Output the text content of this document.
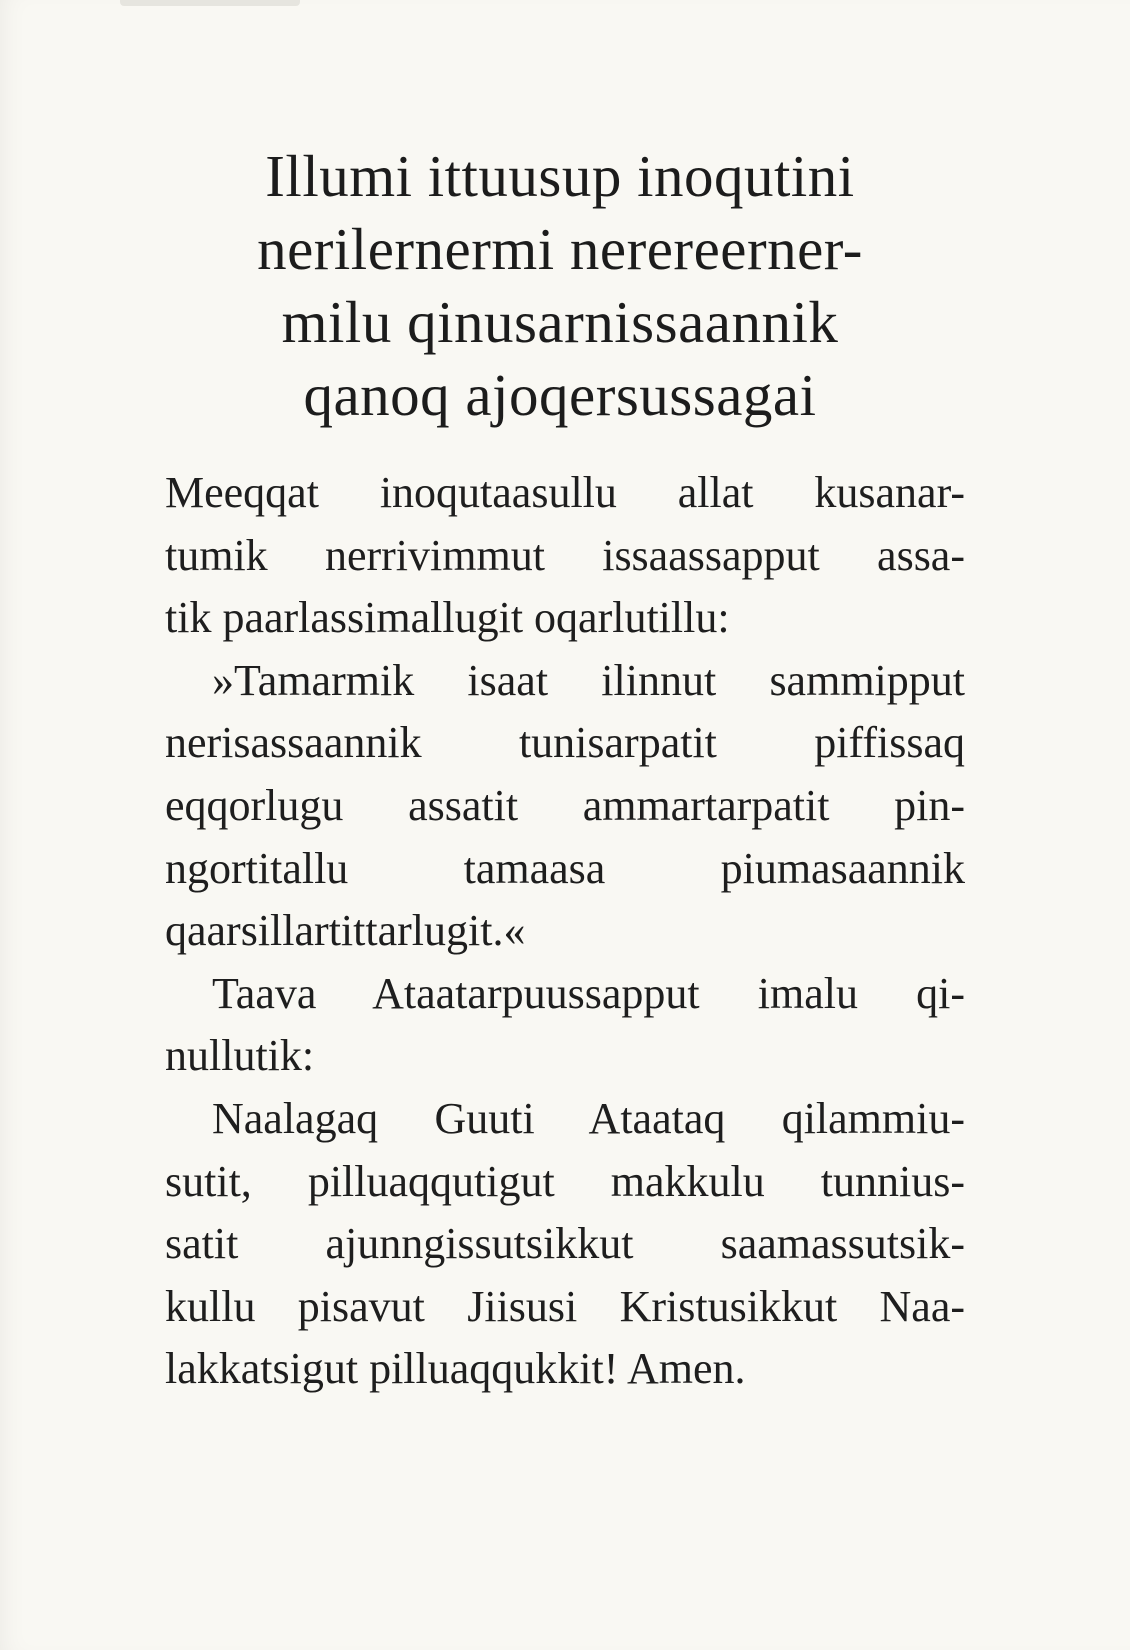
Illumi ittuusup inoqutini
nerilernermi nerereerner-
milu qinusarnissaannik
qanoq ajoqersussagai
Meeqqat inoqutaasullu allat kusanar-
tumik nerrivimmut issaassapput assa-
tik paarlassimallugit oqarlutillu:
»Tamarmik isaat ilinnut sammipput
nerisassaannik tunisarpatit piffissaq
eqqorlugu assatit ammartarpatit pin-
ngortitallu tamaasa piumasaannik
qaarsillartittarlugit.«
Taava Ataatarpuussapput imalu qi-
nullutik:
Naalagaq Guuti Ataataq qilammiu-
sutit, pilluaqqutigut makkulu tunnius-
satit ajunngissutsikkut saamassutsik-
kullu pisavut Jiisusi Kristusikkut Naa-
lakkatsigut pilluaqqukkit! Amen.
